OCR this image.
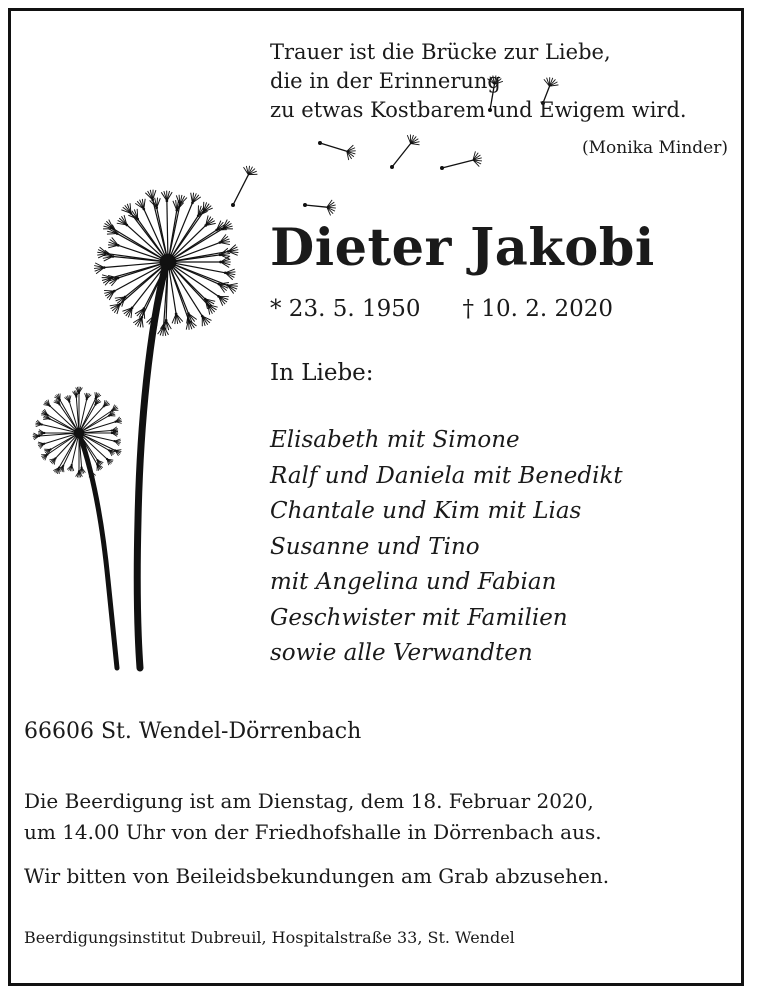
Trauer ist die Brücke zur Liebe,
die in der Erinnerung
zu etwas Kostbarem und Ewigem wird.
(Monika Minder)
Dieter Jakobi
* 23. 5. 1950 † 10. 2. 2020
In Liebe:
Elisabeth mit Simone
Ralf und Daniela mit Benedikt
Chantale und Kim mit Lias
Susanne und Tino
mit Angelina und Fabian
Geschwister mit Familien
sowie alle Verwandten
66606 St. Wendel-Dörrenbach
Die Beerdigung ist am Dienstag, dem 18. Februar 2020,
um 14.00 Uhr von der Friedhofshalle in Dörrenbach aus.
Wir bitten von Beileidsbekundungen am Grab abzusehen.
Beerdigungsinstitut Dubreuil, Hospitalstraße 33, St. Wendel
